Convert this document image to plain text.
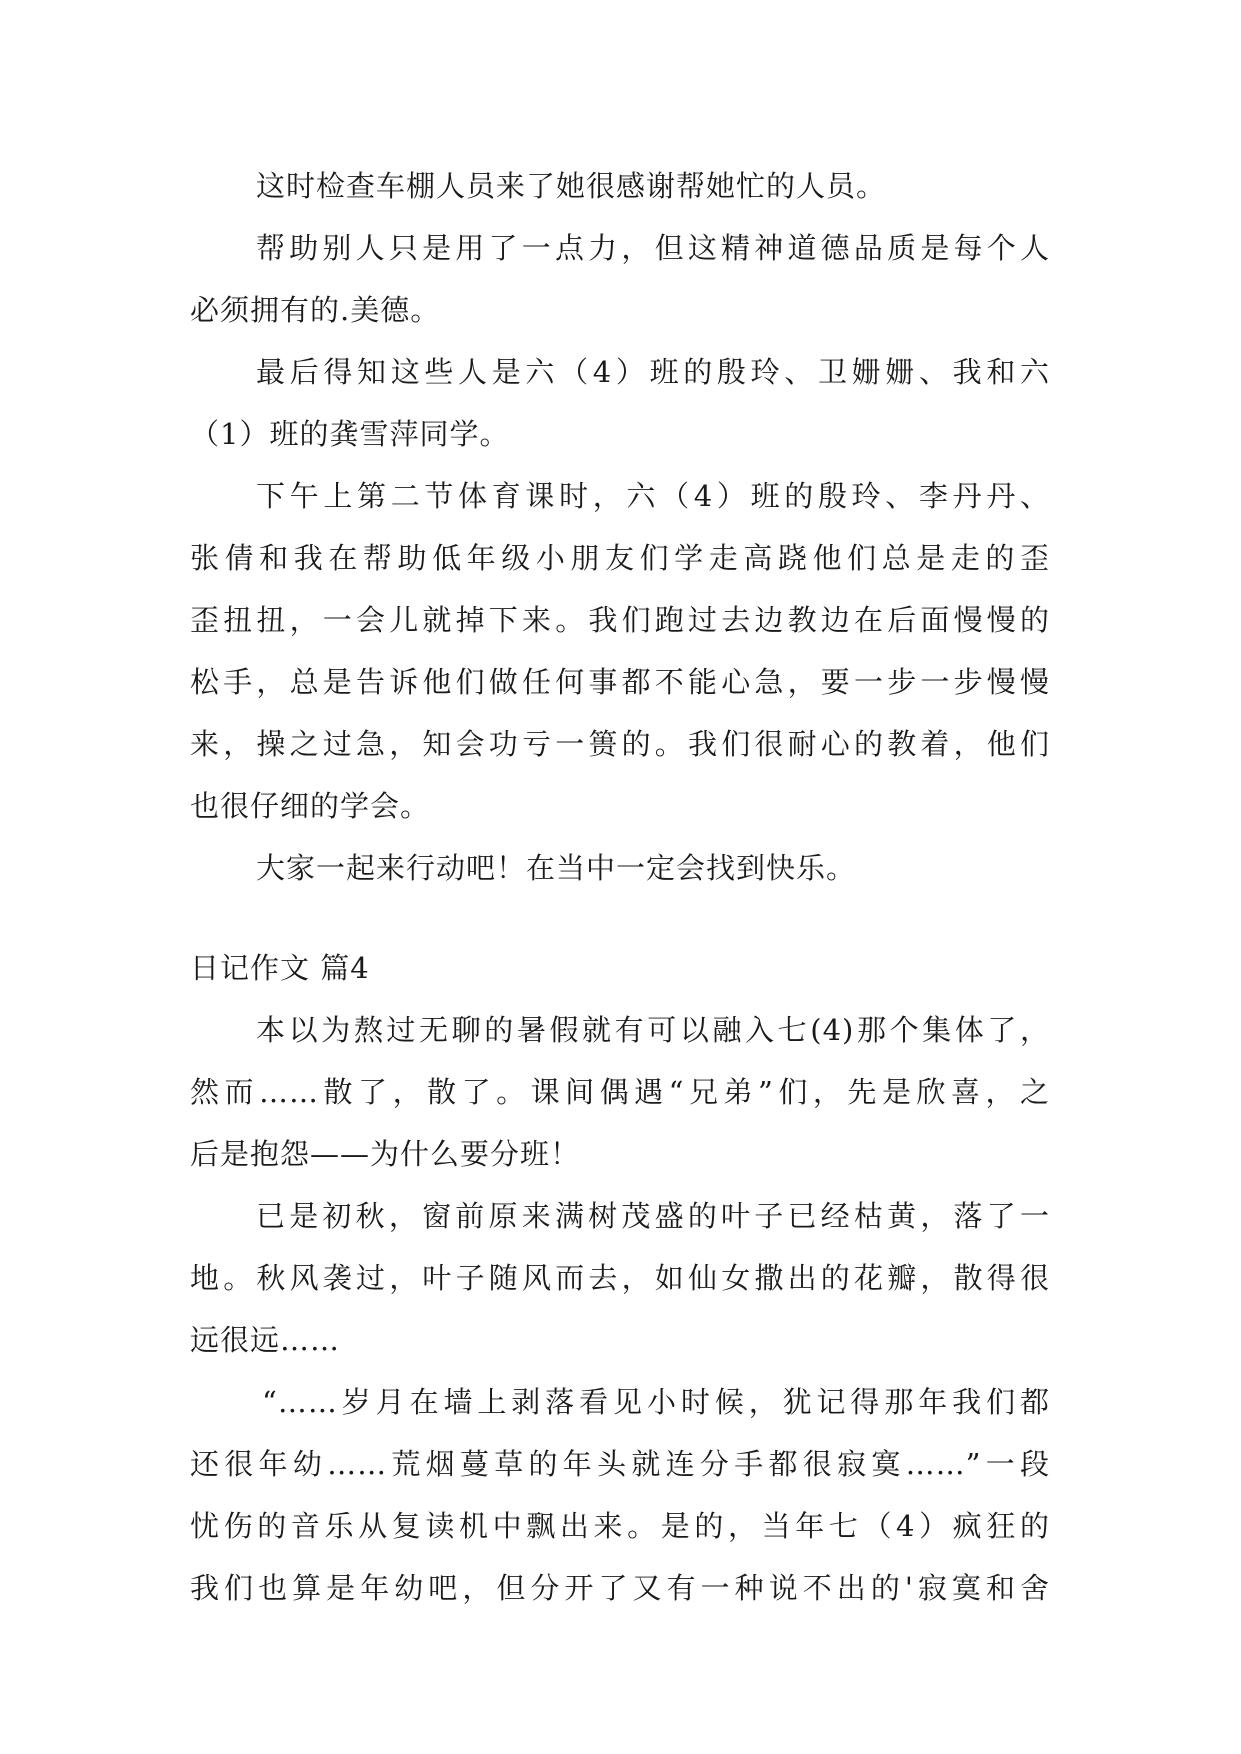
这时检查车棚人员来了她很感谢帮她忙的人员。
帮助别人只是用了一点力，但这精神道德品质是每个人
必须拥有的.美德。
最后得知这些人是六（4）班的殷玲、卫姗姗、我和六
（1）班的龚雪萍同学。
下午上第二节体育课时，六（4）班的殷玲、李丹丹、
张倩和我在帮助低年级小朋友们学走高跷他们总是走的歪
歪扭扭，一会儿就掉下来。我们跑过去边教边在后面慢慢的
松手，总是告诉他们做任何事都不能心急，要一步一步慢慢
来，操之过急，知会功亏一篑的。我们很耐心的教着，他们
也很仔细的学会。
大家一起来行动吧！在当中一定会找到快乐。
日记作文 篇4
本以为熬过无聊的暑假就有可以融入七(4)那个集体了，
然而……散了，散了。课间偶遇“兄弟”们，先是欣喜，之
后是抱怨——为什么要分班！
已是初秋，窗前原来满树茂盛的叶子已经枯黄，落了一
地。秋风袭过，叶子随风而去，如仙女撒出的花瓣，散得很
远很远……
“……岁月在墙上剥落看见小时候，犹记得那年我们都
还很年幼……荒烟蔓草的年头就连分手都很寂寞……”一段
忧伤的音乐从复读机中飘出来。是的，当年七（4）疯狂的
我们也算是年幼吧，但分开了又有一种说不出的'寂寞和舍
